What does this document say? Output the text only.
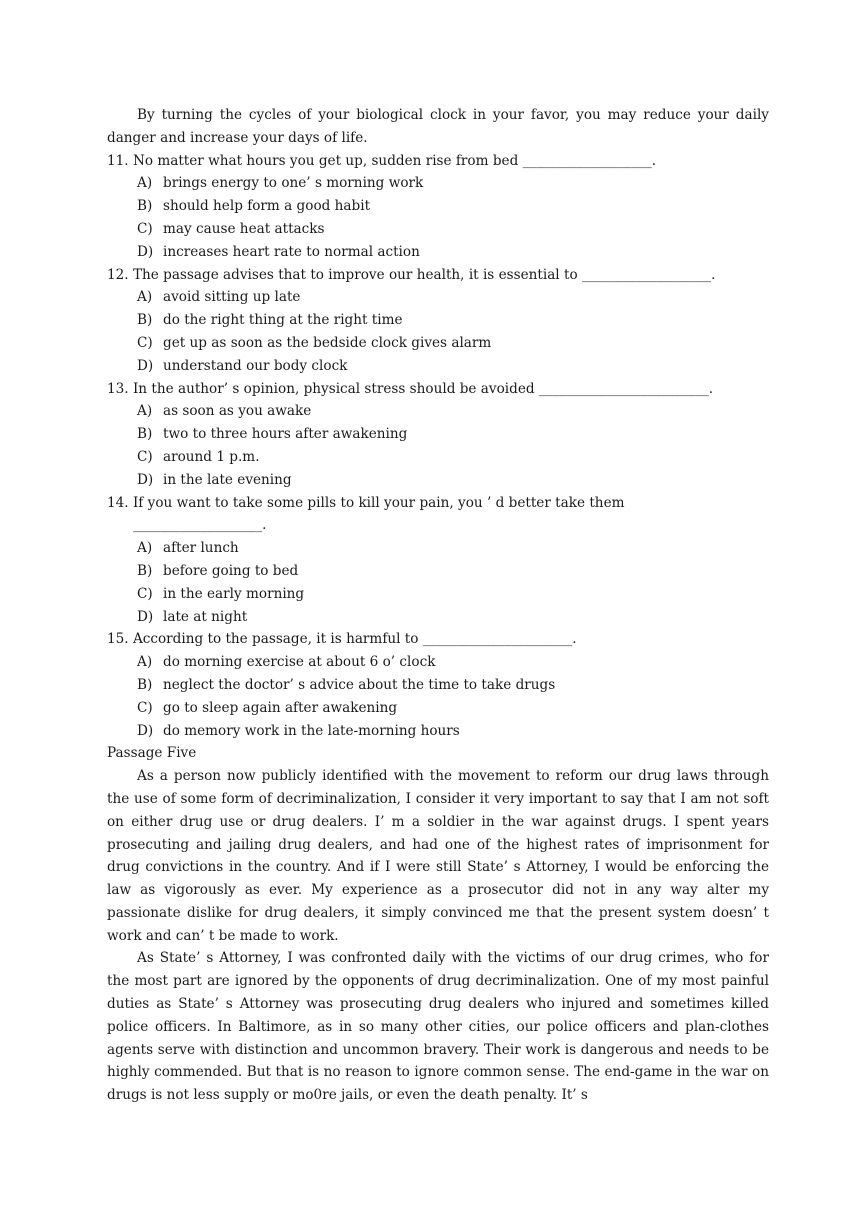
By turning the cycles of your biological clock in your favor, you may reduce your daily danger and increase your days of life.

11. No matter what hours you get up, sudden rise from bed ___________________.

A) brings energy to one’ s morning work
B) should help form a good habit
C) may cause heat attacks
D) increases heart rate to normal action

12. The passage advises that to improve our health, it is essential to ___________________.

A) avoid sitting up late
B) do the right thing at the right time
C) get up as soon as the bedside clock gives alarm
D) understand our body clock

13. In the author’ s opinion, physical stress should be avoided _________________________.

A) as soon as you awake
B) two to three hours after awakening
C) around 1 p.m.
D) in the late evening

14. If you want to take some pills to kill your pain, you ’ d better take them
___________________.

A) after lunch
B) before going to bed
C) in the early morning
D) late at night

15. According to the passage, it is harmful to ______________________.

A) do morning exercise at about 6 o’ clock
B) neglect the doctor’ s advice about the time to take drugs
C) go to sleep again after awakening
D) do memory work in the late-morning hours

Passage Five

As a person now publicly identified with the movement to reform our drug laws through the use of some form of decriminalization, I consider it very important to say that I am not soft on either drug use or drug dealers. I’ m a soldier in the war against drugs. I spent years prosecuting and jailing drug dealers, and had one of the highest rates of imprisonment for drug convictions in the country. And if I were still State’ s Attorney, I would be enforcing the law as vigorously as ever. My experience as a prosecutor did not in any way alter my passionate dislike for drug dealers, it simply convinced me that the present system doesn’ t work and can’ t be made to work.

As State’ s Attorney, I was confronted daily with the victims of our drug crimes, who for the most part are ignored by the opponents of drug decriminalization. One of my most painful duties as State’ s Attorney was prosecuting drug dealers who injured and sometimes killed police officers. In Baltimore, as in so many other cities, our police officers and plan-clothes agents serve with distinction and uncommon bravery. Their work is dangerous and needs to be highly commended. But that is no reason to ignore common sense. The end-game in the war on drugs is not less supply or mo0re jails, or even the death penalty. It’ s
